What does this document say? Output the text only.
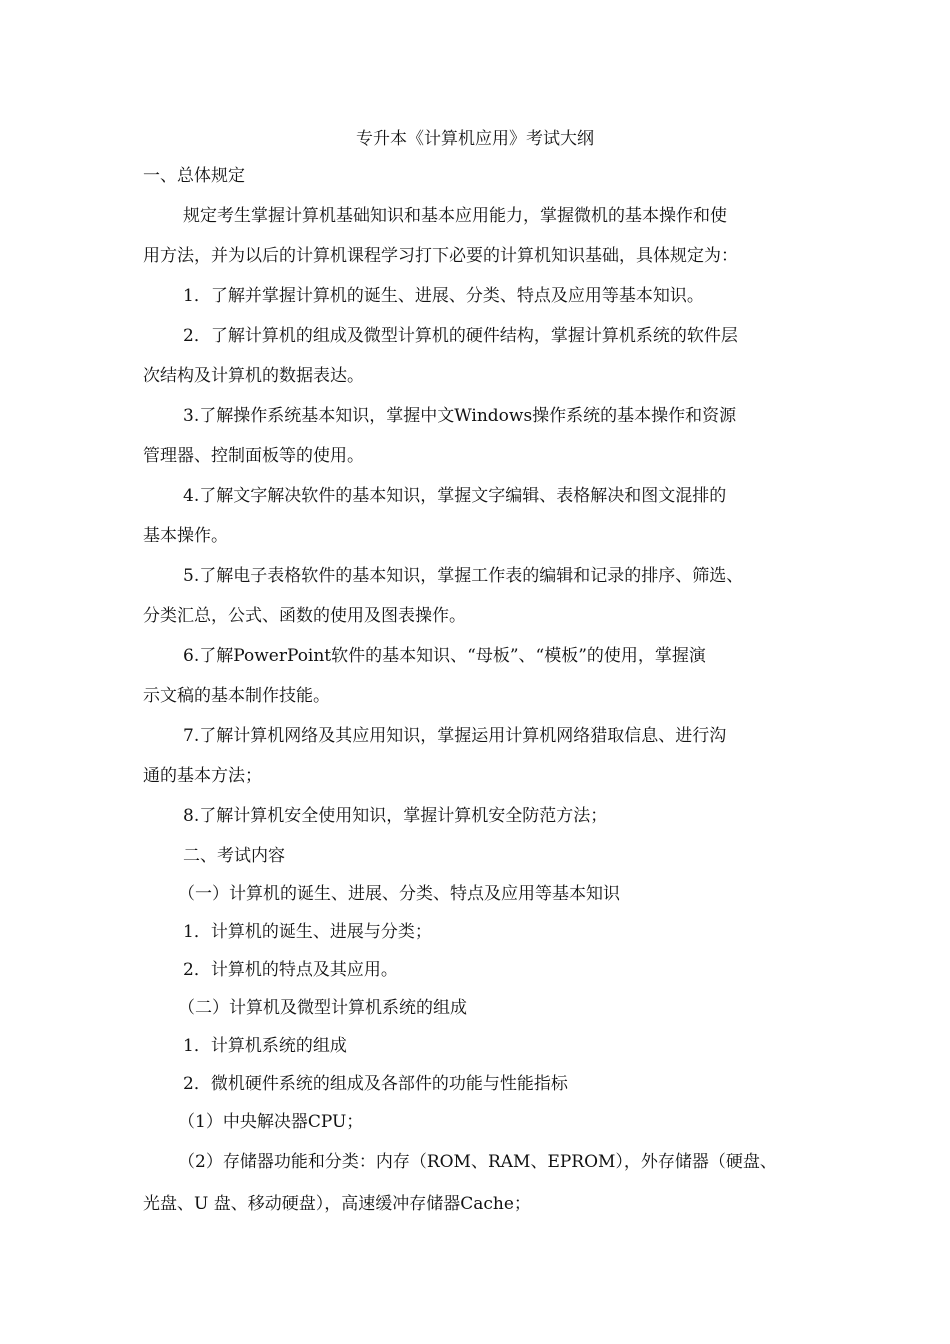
专升本《计算机应用》考试大纲
一、总体规定
规定考生掌握计算机基础知识和基本应用能力，掌握微机的基本操作和使
用方法，并为以后的计算机课程学习打下必要的计算机知识基础，具体规定为：
1．了解并掌握计算机的诞生、进展、分类、特点及应用等基本知识。
2．了解计算机的组成及微型计算机的硬件结构，掌握计算机系统的软件层
次结构及计算机的数据表达。
3.了解操作系统基本知识，掌握中文Windows操作系统的基本操作和资源
管理器、控制面板等的使用。
4.了解文字解决软件的基本知识，掌握文字编辑、表格解决和图文混排的
基本操作。
5.了解电子表格软件的基本知识，掌握工作表的编辑和记录的排序、筛选、
分类汇总，公式、函数的使用及图表操作。
6.了解PowerPoint软件的基本知识、“母板”、“模板”的使用，掌握演
示文稿的基本制作技能。
7.了解计算机网络及其应用知识，掌握运用计算机网络猎取信息、进行沟
通的基本方法；
8.了解计算机安全使用知识，掌握计算机安全防范方法；
二、考试内容
（一）计算机的诞生、进展、分类、特点及应用等基本知识
1．计算机的诞生、进展与分类；
2．计算机的特点及其应用。
（二）计算机及微型计算机系统的组成
1．计算机系统的组成
2．微机硬件系统的组成及各部件的功能与性能指标
（1）中央解决器CPU；
（2）存储器功能和分类：内存（ROM、RAM、EPROM），外存储器（硬盘、
光盘、U 盘、移动硬盘），高速缓冲存储器Cache；
